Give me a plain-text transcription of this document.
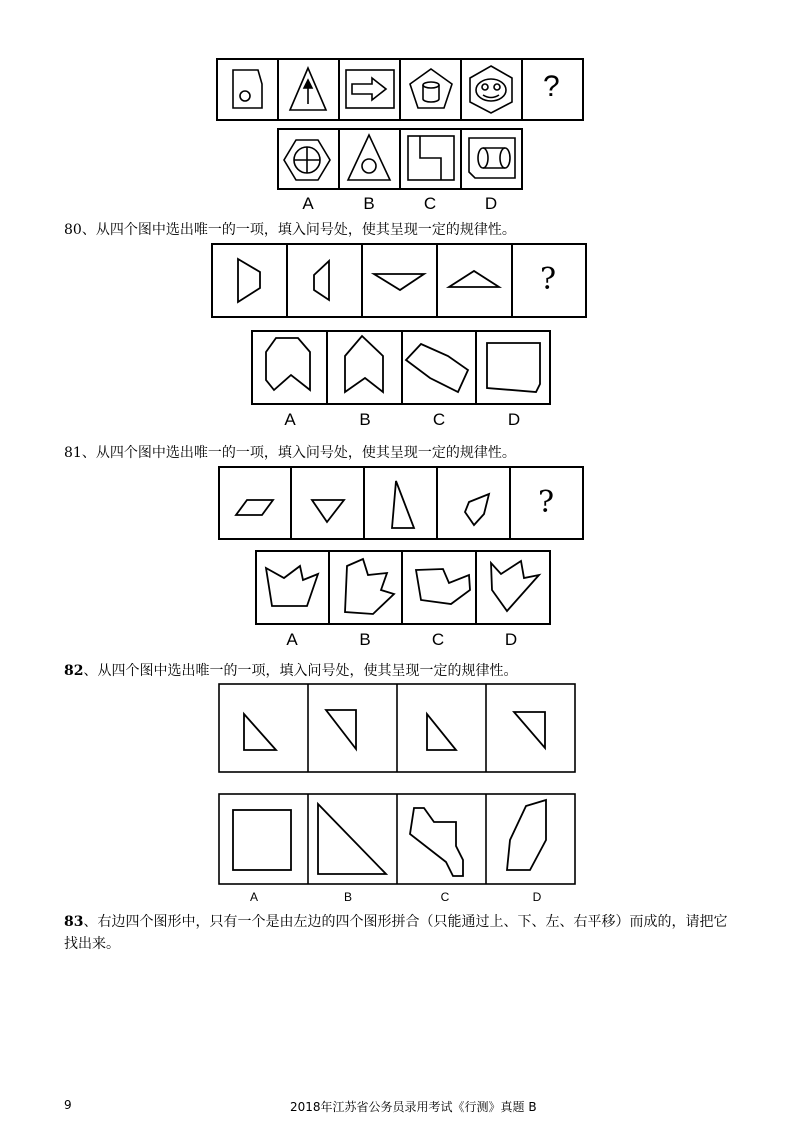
?
A	B	C	D
80、从四个图中选出唯一的一项，填入问号处，使其呈现一定的规律性。
?
A	B	C	D
81、从四个图中选出唯一的一项，填入问号处，使其呈现一定的规律性。
?
A	B	C	D
82、从四个图中选出唯一的一项，填入问号处，使其呈现一定的规律性。
A	B	C	D
83、右边四个图形中，只有一个是由左边的四个图形拼合（只能通过上、下、左、右平移）而成的，请把它
找出来。
9	2018年江苏省公务员录用考试《行测》真题 B
